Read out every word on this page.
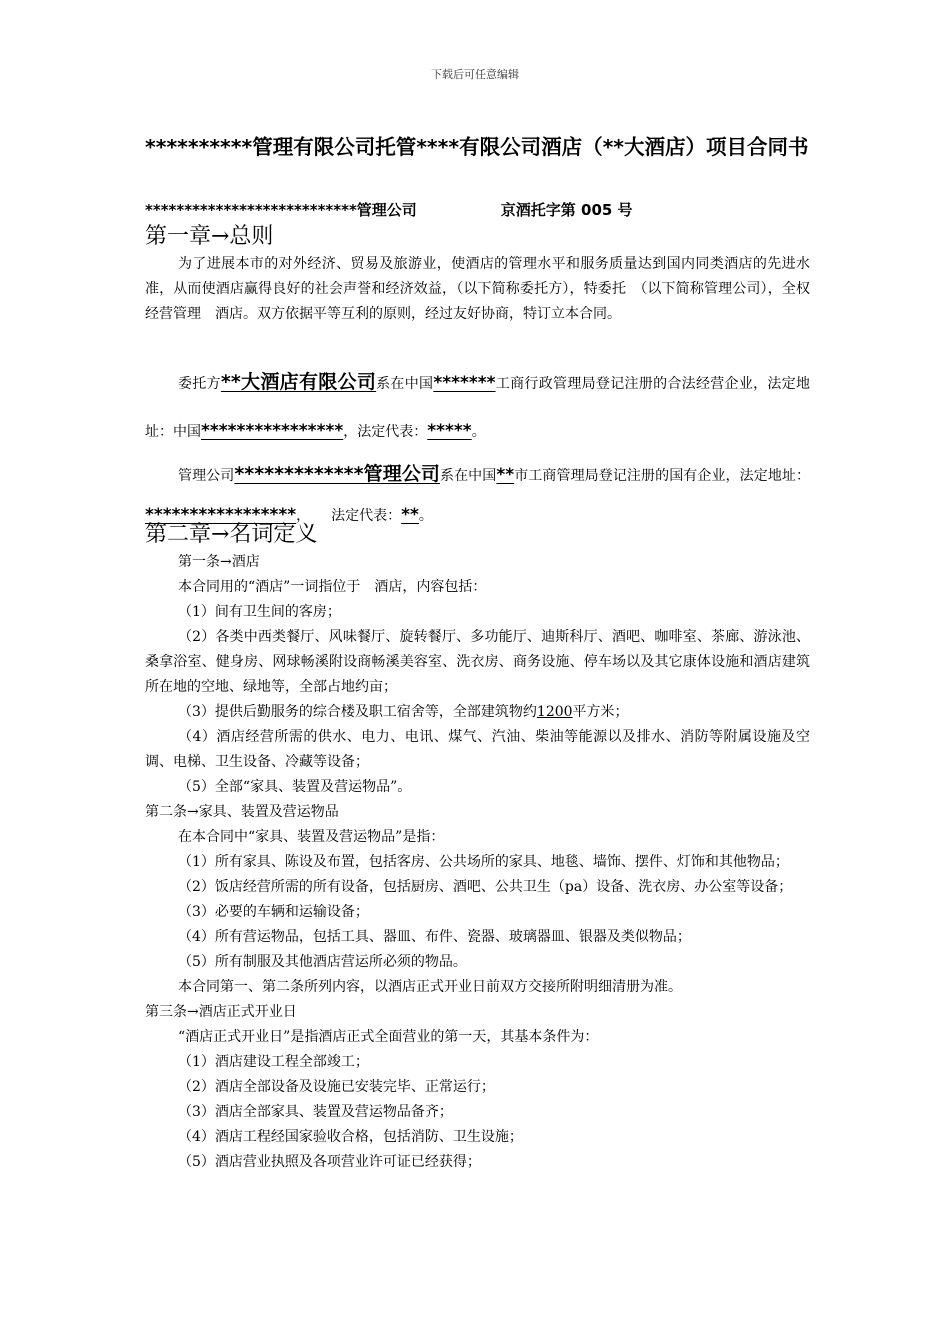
下载后可任意编辑
**********管理有限公司托管****有限公司酒店（**大酒店）项目合同书
***************************管理公司	京酒托字第 005 号
第一章→总则
为了进展本市的对外经济、贸易及旅游业，使酒店的管理水平和服务质量达到国内同类酒店的先进水准，从而使酒店赢得良好的社会声誉和经济效益，（以下简称委托方），特委托　（以下简称管理公司），全权经营管理　酒店。双方依据平等互利的原则，经过友好协商，特订立本合同。
委托方**大酒店有限公司系在中国*******工商行政管理局登记注册的合法经营企业，法定地址：中国****************，法定代表：*****。
管理公司*************管理公司系在中国**市工商管理局登记注册的国有企业，法定地址：*****************，　　法定代表：**。
第二章→名词定义
第一条→酒店
本合同用的“酒店”一词指位于　酒店，内容包括：
（1）间有卫生间的客房；
（2）各类中西类餐厅、风味餐厅、旋转餐厅、多功能厅、迪斯科厅、酒吧、咖啡室、茶廊、游泳池、桑拿浴室、健身房、网球畅⁠溪附设商畅⁠溪美容室、洗衣房、商务设施、停车场以及其它康体设施和酒店建筑所在地的空地、绿地等，全部占地约亩；
（3）提供后勤服务的综合楼及职工宿舍等，全部建筑物约1200平方米；
（4）酒店经营所需的供水、电力、电讯、煤气、汽油、柴油等能源以及排水、消防等附属设施及空调、电梯、卫生设备、冷藏等设备；
（5）全部“家具、装置及营运物品”。
第二条→家具、装置及营运物品
在本合同中“家具、装置及营运物品”是指：
（1）所有家具、陈设及布置，包括客房、公共场所的家具、地毯、墙饰、摆件、灯饰和其他物品；
（2）饭店经营所需的所有设备，包括厨房、酒吧、公共卫生（pa）设备、洗衣房、办公室等设备；
（3）必要的车辆和运输设备；
（4）所有营运物品，包括工具、器皿、布件、瓷器、玻璃器皿、银器及类似物品；
（5）所有制服及其他酒店营运所必须的物品。
本合同第一、第二条所列内容，以酒店正式开业日前双方交接所附明细清册为准。
第三条→酒店正式开业日
“酒店正式开业日”是指酒店正式全面营业的第一天，其基本条件为：
（1）酒店建设工程全部竣工；
（2）酒店全部设备及设施已安装完毕、正常运行；
（3）酒店全部家具、装置及营运物品备齐；
（4）酒店工程经国家验收合格，包括消防、卫生设施；
（5）酒店营业执照及各项营业许可证已经获得；
